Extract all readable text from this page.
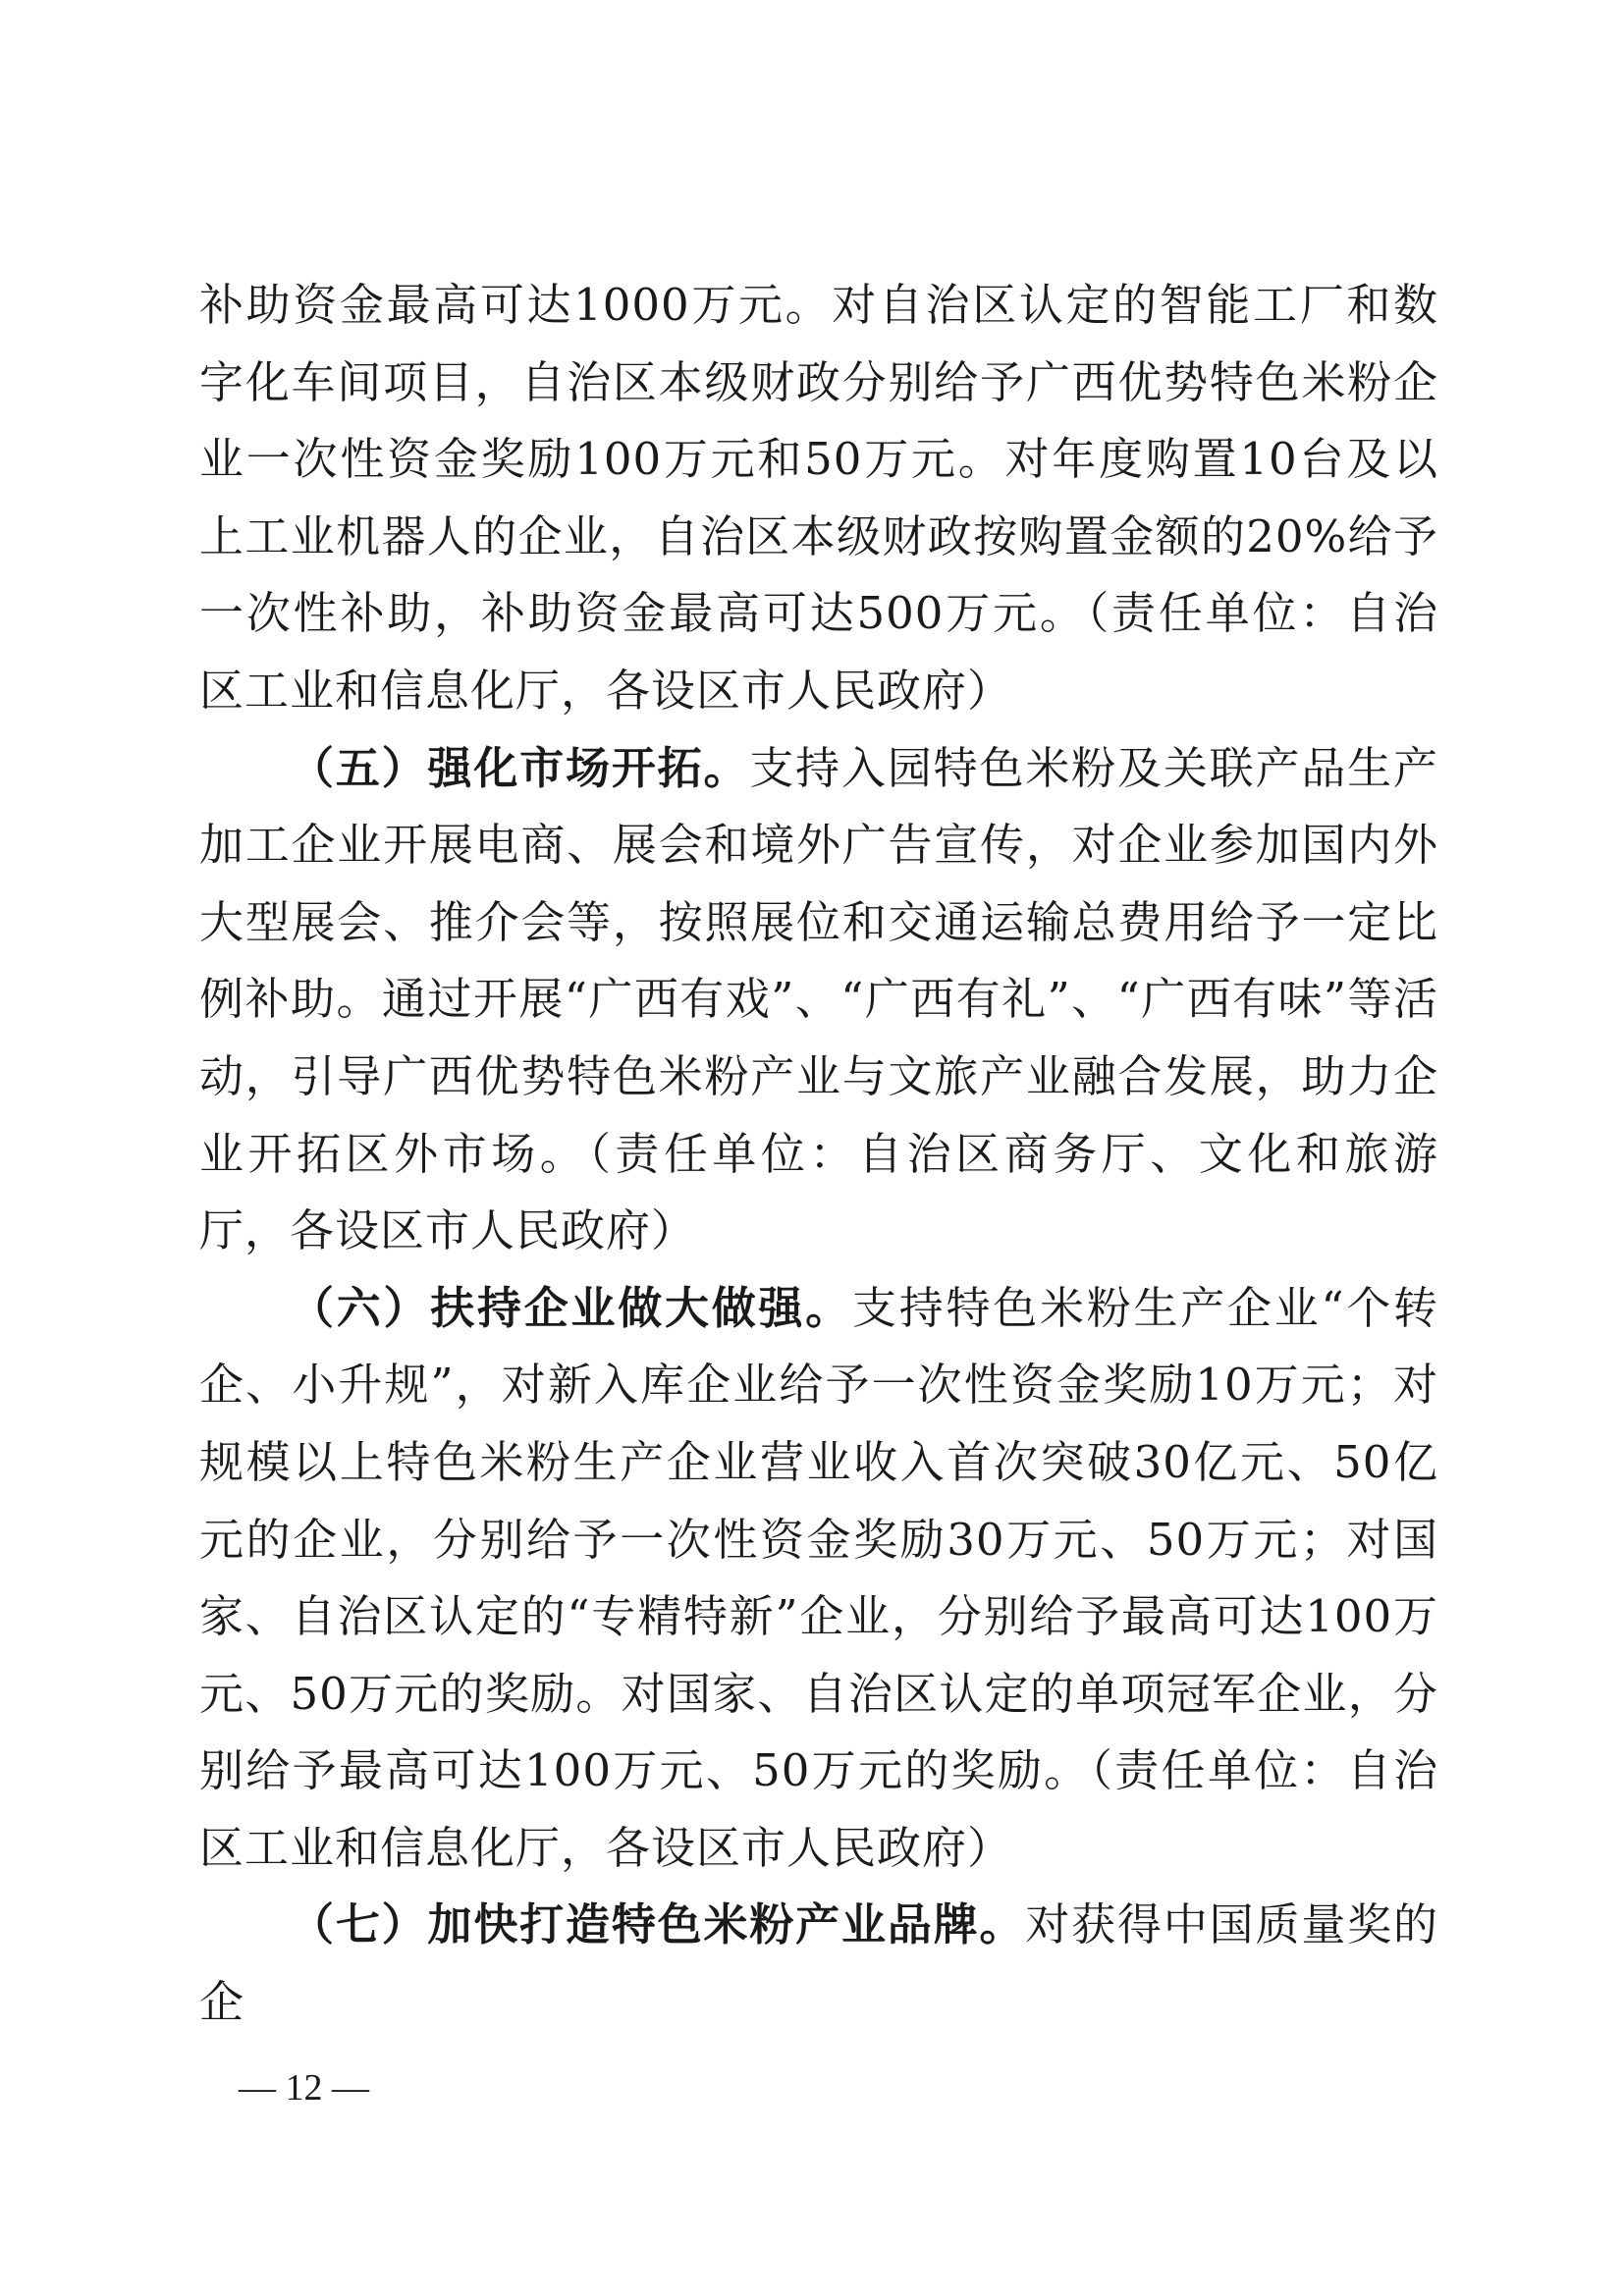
补助资金最高可达1000万元。对自治区认定的智能工厂和数字化车间项目，自治区本级财政分别给予广西优势特色米粉企业一次性资金奖励100万元和50万元。对年度购置10台及以上工业机器人的企业，自治区本级财政按购置金额的20%给予一次性补助，补助资金最高可达500万元。（责任单位：自治区工业和信息化厅，各设区市人民政府）

（五）强化市场开拓。支持入园特色米粉及关联产品生产加工企业开展电商、展会和境外广告宣传，对企业参加国内外大型展会、推介会等，按照展位和交通运输总费用给予一定比例补助。通过开展“广西有戏”、“广西有礼”、“广西有味”等活动，引导广西优势特色米粉产业与文旅产业融合发展，助力企业开拓区外市场。（责任单位：自治区商务厅、文化和旅游厅，各设区市人民政府）

（六）扶持企业做大做强。支持特色米粉生产企业“个转企、小升规”，对新入库企业给予一次性资金奖励10万元；对规模以上特色米粉生产企业营业收入首次突破30亿元、50亿元的企业，分别给予一次性资金奖励30万元、50万元；对国家、自治区认定的“专精特新”企业，分别给予最高可达100万元、50万元的奖励。对国家、自治区认定的单项冠军企业，分别给予最高可达100万元、50万元的奖励。（责任单位：自治区工业和信息化厅，各设区市人民政府）

（七）加快打造特色米粉产业品牌。对获得中国质量奖的企

— 12 —
